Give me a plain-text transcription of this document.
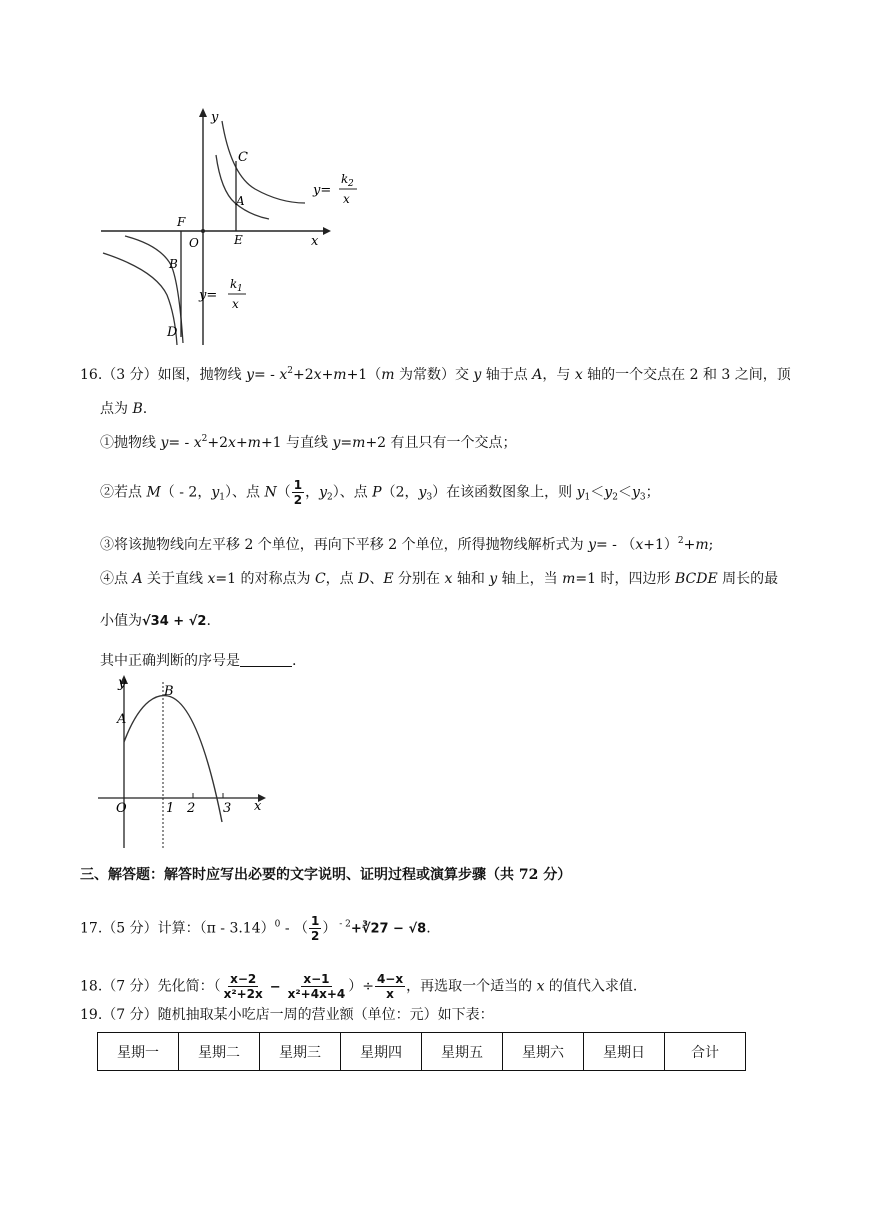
y
x
C
A
E
F
O
B
D
y=
k 2
x
y=
k 1
x
16.（3 分）如图，抛物线 $y= - x^2+2x+m+1(m$ 为常数）交 y 轴于点 A，与 x 轴的一个交点在 2 和 3 之间，顶
点为 B.
①抛物线 $y= - x^2+2x+m+1$ 与直线 y=m+2 有且只有一个交点；
②若点 M（ - 2，$y_1$）、点 $N( \frac{1}{2}$ ，$y_2$）、点 P（2，$y_3$）在该函数图象上，则 $y_1<y_2<y_3$；
③将该抛物线向左平移 2 个单位，再向下平移 2 个单位，所得抛物线解析式为 $y= - (x+1)^2+m$;
④点 A 关于直线 x=1 的对称点为 C，点 D、E 分别在 x 轴和 y 轴上，当 m=1 时，四边形 BCDE 周长的最
小值为√34 + √2.
其中正确判断的序号是	.
y
B
A
O	1 2 3 x
三、解答题：解答时应写出必要的文字说明、证明过程或演算步骤（共 72 分）
17.（5 分）计算：（π - 3.14）$^0$ - （ $\frac{1}{2}$ ） $^{- 2}$+∛27 − √8.
18.（7 分）先化简：（ $\frac{x-2}{\text{x²+2x}} - \frac{x-1}{\text{x²+4x+4}}$ ）÷ $\frac{4-x}{x}$ ，再选取一个适当的 x 的值代入求值.
19.（7 分）随机抽取某小吃店一周的营业额（单位：元）如下表：
星期一	星期二	星期三	星期四	星期五	星期六	星期日	合计
